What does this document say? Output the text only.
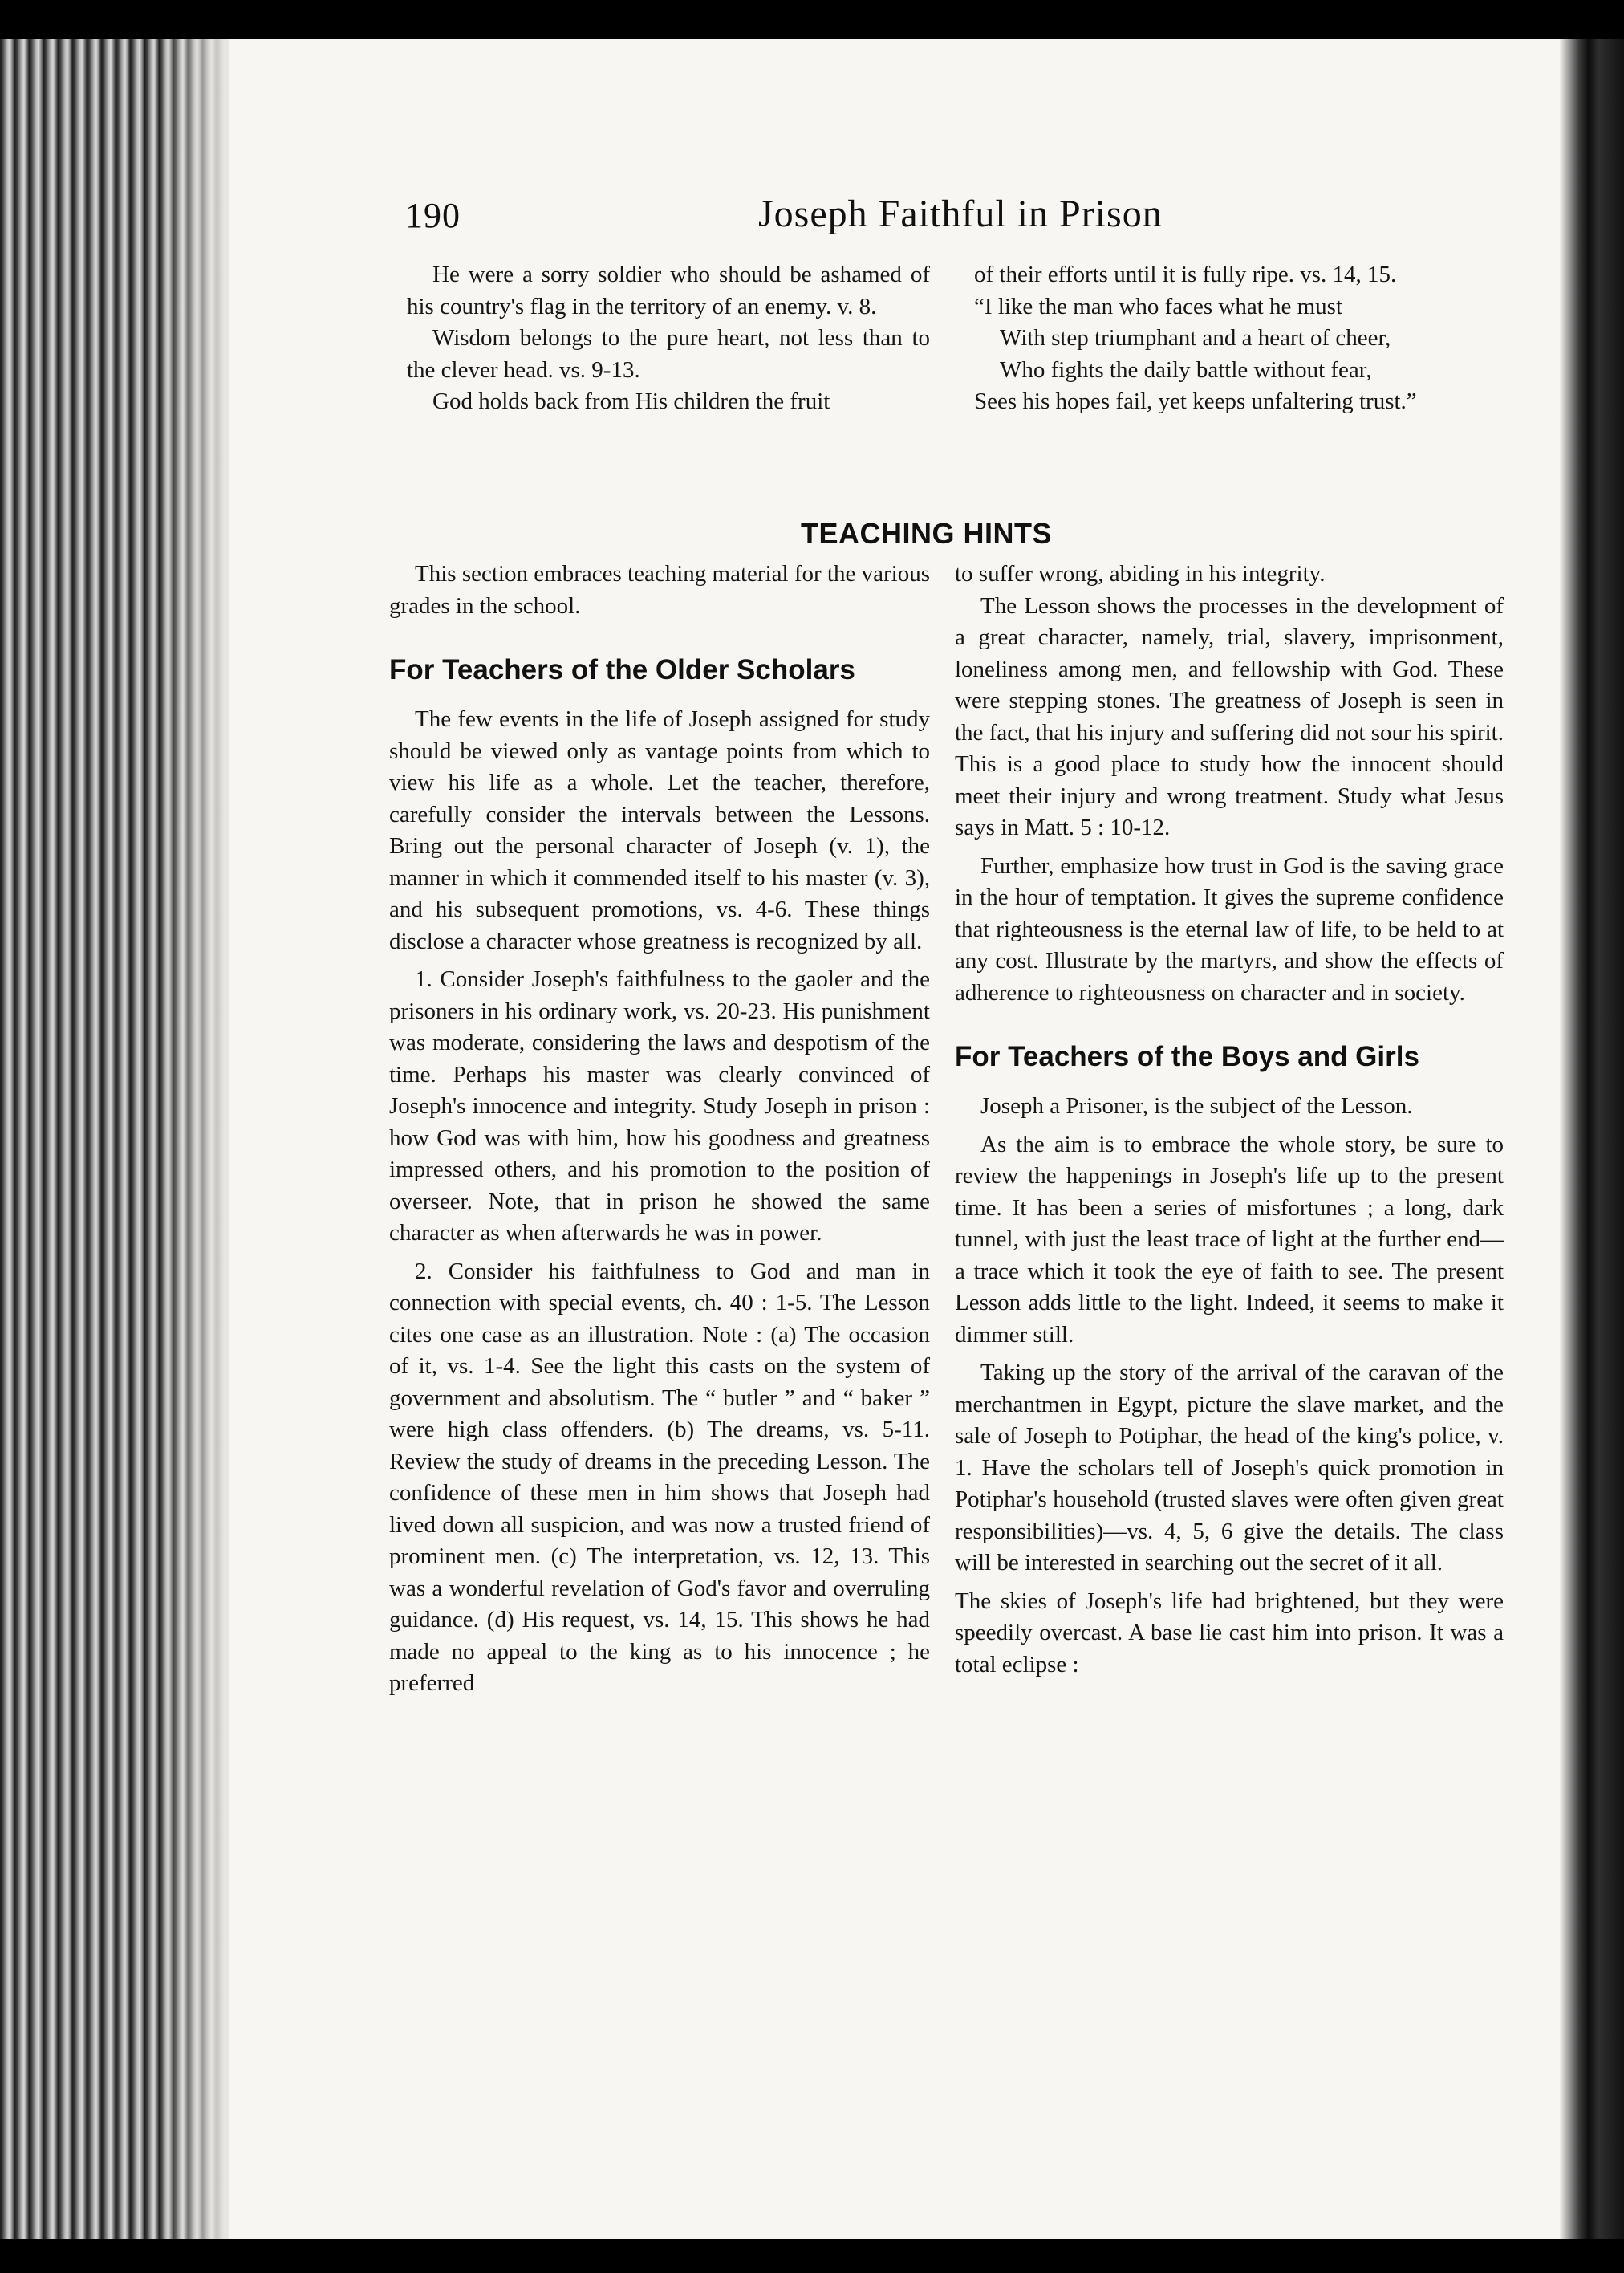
190	Joseph Faithful in Prison

He were a sorry soldier who should be ashamed of his country's flag in the territory of an enemy. v. 8.

Wisdom belongs to the pure heart, not less than to the clever head. vs. 9-13.

God holds back from His children the fruit

of their efforts until it is fully ripe. vs. 14, 15.

“I like the man who faces what he must

With step triumphant and a heart of cheer,

Who fights the daily battle without fear,

Sees his hopes fail, yet keeps unfaltering trust.”

TEACHING HINTS

This section embraces teaching material for the various grades in the school.

For Teachers of the Older Scholars

The few events in the life of Joseph assigned for study should be viewed only as vantage points from which to view his life as a whole. Let the teacher, therefore, carefully consider the intervals between the Lessons. Bring out the personal character of Joseph (v. 1), the manner in which it commended itself to his master (v. 3), and his subsequent promotions, vs. 4-6. These things disclose a character whose greatness is recognized by all.

1. Consider Joseph's faithfulness to the gaoler and the prisoners in his ordinary work, vs. 20-23. His punishment was moderate, considering the laws and despotism of the time. Perhaps his master was clearly convinced of Joseph's innocence and integrity. Study Joseph in prison : how God was with him, how his goodness and greatness impressed others, and his promotion to the position of overseer. Note, that in prison he showed the same character as when afterwards he was in power.

2. Consider his faithfulness to God and man in connection with special events, ch. 40 : 1-5. The Lesson cites one case as an illustration. Note : (a) The occasion of it, vs. 1-4. See the light this casts on the system of government and absolutism. The “ butler ” and “ baker ” were high class offenders. (b) The dreams, vs. 5-11. Review the study of dreams in the preceding Lesson. The confidence of these men in him shows that Joseph had lived down all suspicion, and was now a trusted friend of prominent men. (c) The interpretation, vs. 12, 13. This was a wonderful revelation of God's favor and overruling guidance. (d) His request, vs. 14, 15. This shows he had made no appeal to the king as to his innocence ; he preferred

to suffer wrong, abiding in his integrity.

The Lesson shows the processes in the development of a great character, namely, trial, slavery, imprisonment, loneliness among men, and fellowship with God. These were stepping stones. The greatness of Joseph is seen in the fact, that his injury and suffering did not sour his spirit. This is a good place to study how the innocent should meet their injury and wrong treatment. Study what Jesus says in Matt. 5 : 10-12.

Further, emphasize how trust in God is the saving grace in the hour of temptation. It gives the supreme confidence that righteousness is the eternal law of life, to be held to at any cost. Illustrate by the martyrs, and show the effects of adherence to righteousness on character and in society.

For Teachers of the Boys and Girls

Joseph a Prisoner, is the subject of the Lesson.

As the aim is to embrace the whole story, be sure to review the happenings in Joseph's life up to the present time. It has been a series of misfortunes ; a long, dark tunnel, with just the least trace of light at the further end—a trace which it took the eye of faith to see. The present Lesson adds little to the light. Indeed, it seems to make it dimmer still.

Taking up the story of the arrival of the caravan of the merchantmen in Egypt, picture the slave market, and the sale of Joseph to Potiphar, the head of the king's police, v. 1. Have the scholars tell of Joseph's quick promotion in Potiphar's household (trusted slaves were often given great responsibilities)—vs. 4, 5, 6 give the details. The class will be interested in searching out the secret of it all.

The skies of Joseph's life had brightened, but they were speedily overcast. A base lie cast him into prison. It was a total eclipse :
